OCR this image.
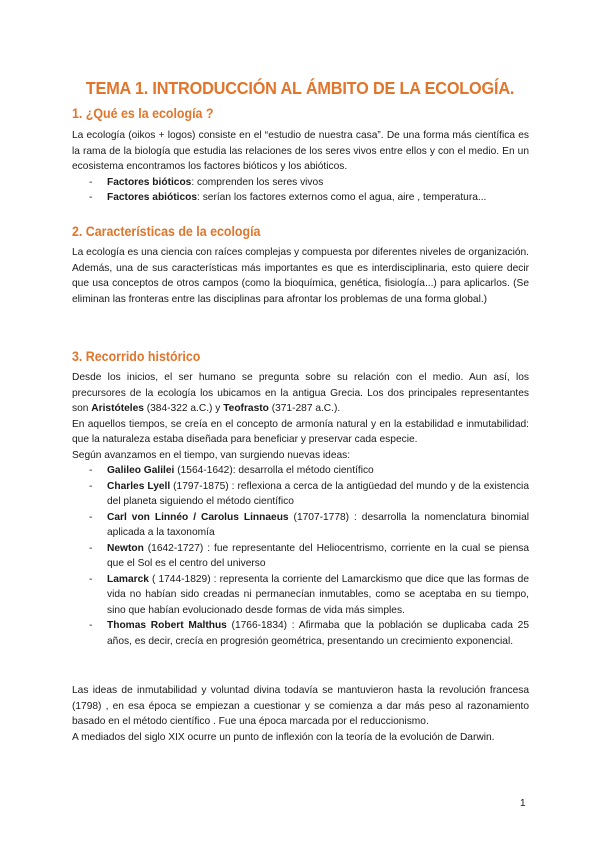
TEMA 1. INTRODUCCIÓN AL ÁMBITO DE LA ECOLOGÍA.
1. ¿Qué es la ecología ?

La ecología (oikos + logos) consiste en el “estudio de nuestra casa”. De una forma más científica es la rama de la biología que estudia las relaciones de los seres vivos entre ellos y con el medio. En un ecosistema encontramos los factores bióticos y los abióticos.

- Factores bióticos: comprenden los seres vivos
- Factores abióticos: serían los factores externos como el agua, aire , temperatura...
2. Características de la ecología

La ecología es una ciencia con raíces complejas y compuesta por diferentes niveles de organización. Además, una de sus características más importantes es que es interdisciplinaria, esto quiere decir que usa conceptos de otros campos (como la bioquímica, genética, fisiología...) para aplicarlos. (Se eliminan las fronteras entre las disciplinas para afrontar los problemas de una forma global.)

3. Recorrido histórico

Desde los inicios, el ser humano se pregunta sobre su relación con el medio. Aun así, los precursores de la ecología los ubicamos en la antigua Grecia. Los dos principales representantes son Aristóteles (384-322 a.C.) y Teofrasto (371-287 a.C.).

En aquellos tiempos, se creía en el concepto de armonía natural y en la estabilidad e inmutabilidad: que la naturaleza estaba diseñada para beneficiar y preservar cada especie.

Según avanzamos en el tiempo, van surgiendo nuevas ideas:

- Galileo Galilei (1564-1642): desarrolla el método científico
- Charles Lyell (1797-1875) : reflexiona a cerca de la antigüedad del mundo y de la existencia del planeta siguiendo el método científico
- Carl von Linnéo / Carolus Linnaeus (1707-1778) : desarrolla la nomenclatura binomial aplicada a la taxonomía
- Newton (1642-1727) : fue representante del Heliocentrismo, corriente en la cual se piensa que el Sol es el centro del universo
- Lamarck ( 1744-1829) : representa la corriente del Lamarckismo que dice que las formas de vida no habían sido creadas ni permanecían inmutables, como se aceptaba en su tiempo, sino que habían evolucionado desde formas de vida más simples.
- Thomas Robert Malthus (1766-1834) : Afirmaba que la población se duplicaba cada 25 años, es decir, crecía en progresión geométrica, presentando un crecimiento exponencial.

Las ideas de inmutabilidad y voluntad divina todavía se mantuvieron hasta la revolución francesa (1798) , en esa época se empiezan a cuestionar y se comienza a dar más peso al razonamiento basado en el método científico . Fue una época marcada por el reduccionismo.

A mediados del siglo XIX ocurre un punto de inflexión con la teoría de la evolución de Darwin.

1
